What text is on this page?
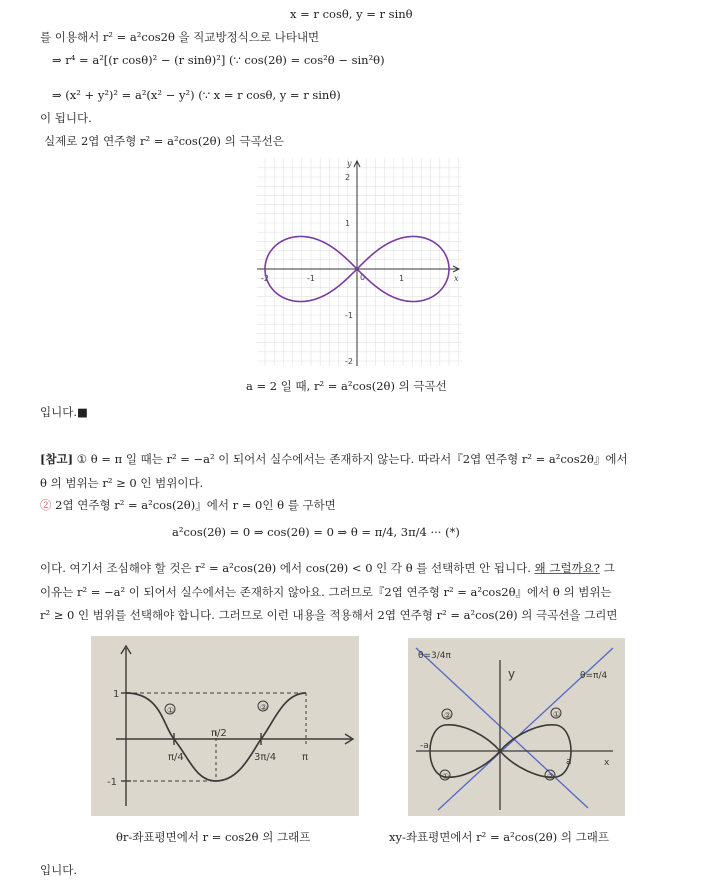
x = r cosθ, y = r sinθ
를 이용해서 r² = a²cos2θ 을 직교방정식으로 나타내면
⇒ r⁴ = a²[(r cosθ)² − (r sinθ)²] (∵ cos(2θ) = cos²θ − sin²θ)
⇒ (x² + y²)² = a²(x² − y²) (∵ x = r cosθ, y = r sinθ)
이 됩니다.
실제로 2엽 연주형 r² = a²cos(2θ) 의 극곡선은
-2	-1	1
2
1
-1
-2
0	x
y
a = 2 일 때, r² = a²cos(2θ) 의 극곡선
입니다.■
[참고] ① θ = π 일 때는 r² = −a² 이 되어서 실수에서는 존재하지 않는다. 따라서『2엽 연주형 r² = a²cos2θ』에서
θ 의 범위는 r² ≥ 0 인 범위이다.
② 2엽 연주형 r² = a²cos(2θ)』에서 r = 0인 θ 를 구하면
a²cos(2θ) = 0 ⇒ cos(2θ) = 0 ⇒ θ = π/4, 3π/4 ··· (*)
이다. 여기서 조심해야 할 것은 r² = a²cos(2θ) 에서 cos(2θ) < 0 인 각 θ 를 선택하면 안 됩니다. 왜 그럴까요? 그
이유는 r² = −a² 이 되어서 실수에서는 존재하지 않아요. 그러므로『2엽 연주형 r² = a²cos2θ』에서 θ 의 범위는
r² ≥ 0 인 범위를 선택해야 합니다. 그러므로 이런 내용을 적용해서 2엽 연주형 r² = a²cos(2θ) 의 극곡선을 그리면
1
-1
π/4
π/2
3π/4	π
①	②
θ=3/4π
θ=π/4
y
x
a
-a
②	①
①	②
θr-좌표평면에서 r = cos2θ 의 그래프	xy-좌표평면에서 r² = a²cos(2θ) 의 그래프
입니다.
